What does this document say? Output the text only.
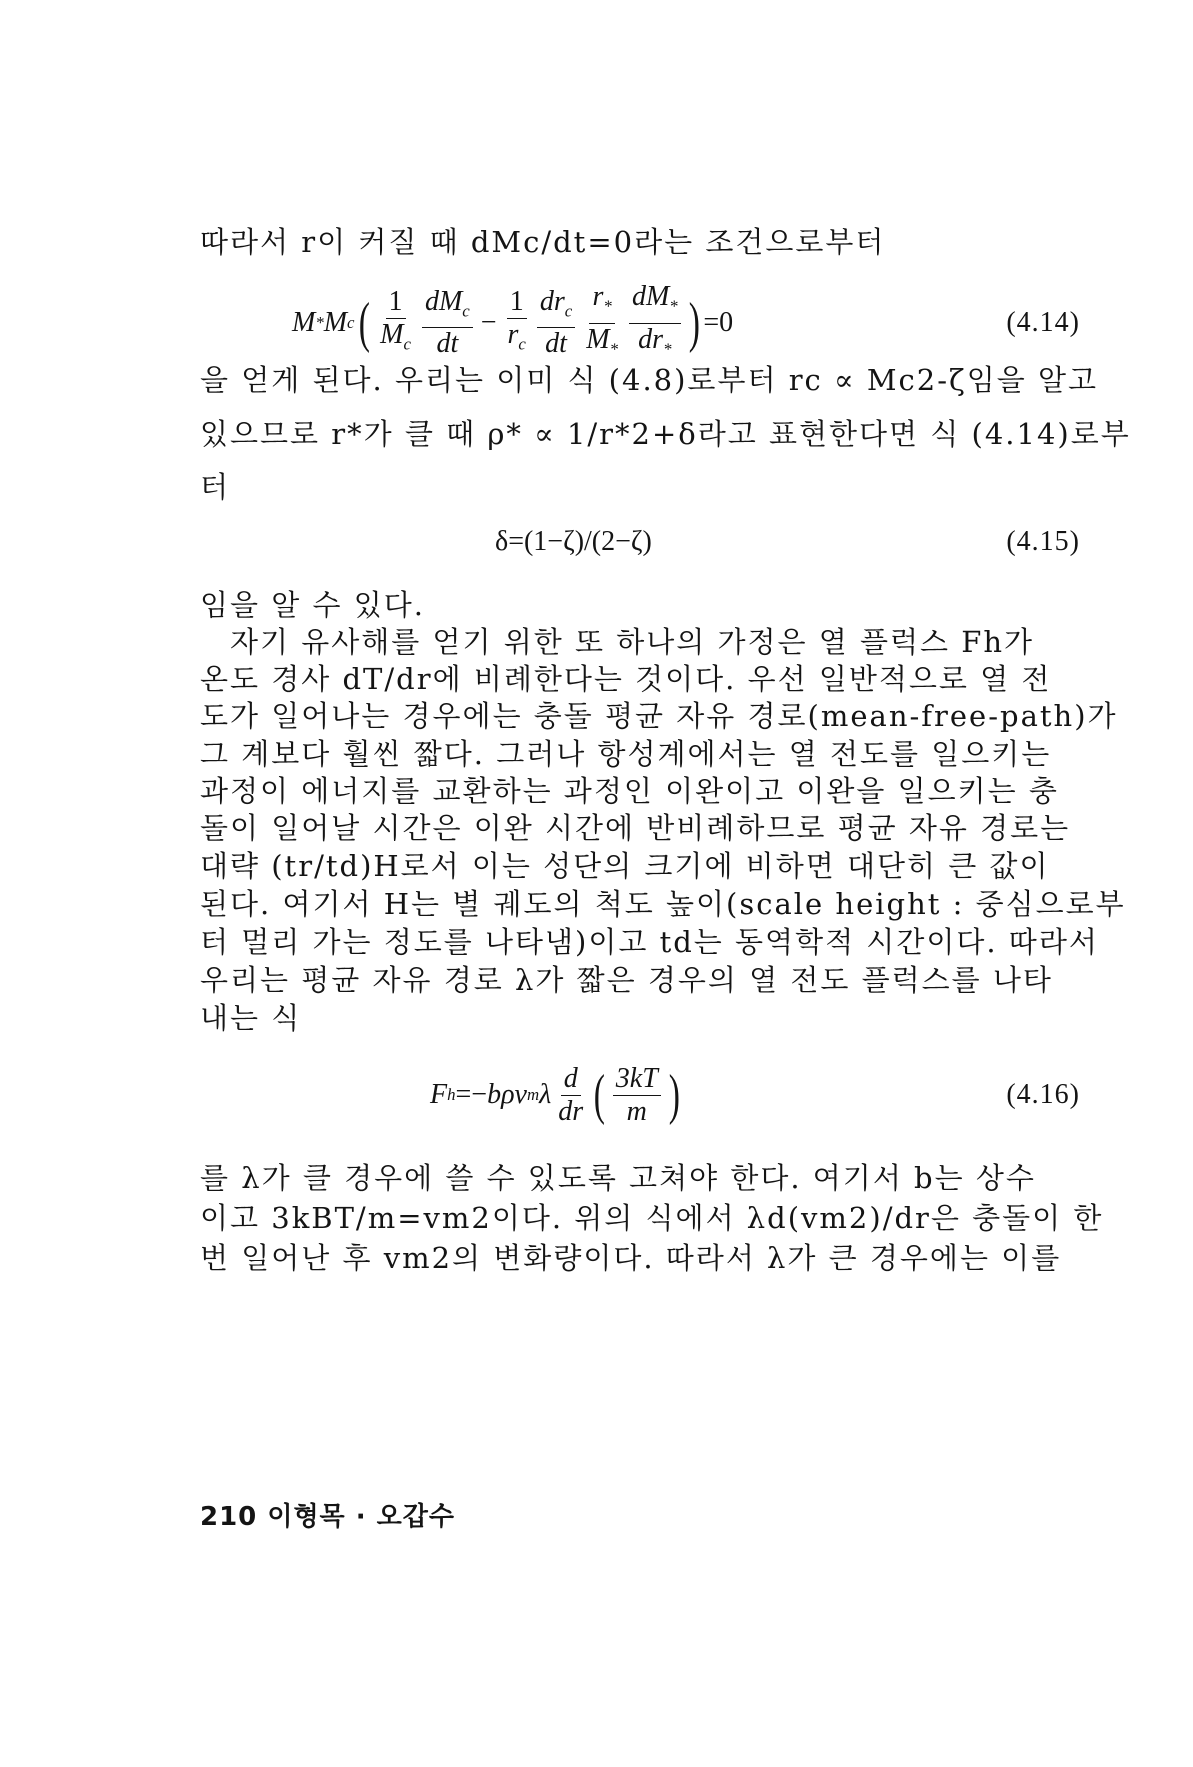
따라서 r이 커질 때 dMc/dt=0라는 조건으로부터
M * M c ( $\frac{1}{M_c} \frac{dM_c}{dt} - \frac{1}{r_c} \frac{dr_c}{dt} \frac{r_*}{M_*} \frac{dM_*}{dr_*}$ ) =0	(4.14)
을 얻게 된다. 우리는 이미 식 (4.8)로부터 rc ∝ Mc2-ζ임을 알고
있으므로 r*가 클 때 ρ* ∝ 1/r*2+δ라고 표현한다면 식 (4.14)로부
터
δ=(1−ζ)/(2−ζ)	(4.15)
임을 알 수 있다.
자기 유사해를 얻기 위한 또 하나의 가정은 열 플럭스 Fh가
온도 경사 dT/dr에 비례한다는 것이다. 우선 일반적으로 열 전
도가 일어나는 경우에는 충돌 평균 자유 경로(mean-free-path)가
그 계보다 훨씬 짧다. 그러나 항성계에서는 열 전도를 일으키는
과정이 에너지를 교환하는 과정인 이완이고 이완을 일으키는 충
돌이 일어날 시간은 이완 시간에 반비례하므로 평균 자유 경로는
대략 (tr/td)H로서 이는 성단의 크기에 비하면 대단히 큰 값이
된다. 여기서 H는 별 궤도의 척도 높이(scale height : 중심으로부
터 멀리 가는 정도를 나타냄)이고 td는 동역학적 시간이다. 따라서
우리는 평균 자유 경로 λ가 짧은 경우의 열 전도 플럭스를 나타
내는 식
F h =− bρv m λ $\frac{d}{dr}$ ( $\frac{3kT}{m}$ )	(4.16)
를 λ가 클 경우에 쓸 수 있도록 고쳐야 한다. 여기서 b는 상수
이고 3kBT/m=vm2이다. 위의 식에서 λd(vm2)/dr은 충돌이 한
번 일어난 후 vm2의 변화량이다. 따라서 λ가 큰 경우에는 이를
210 이형목 · 오갑수
